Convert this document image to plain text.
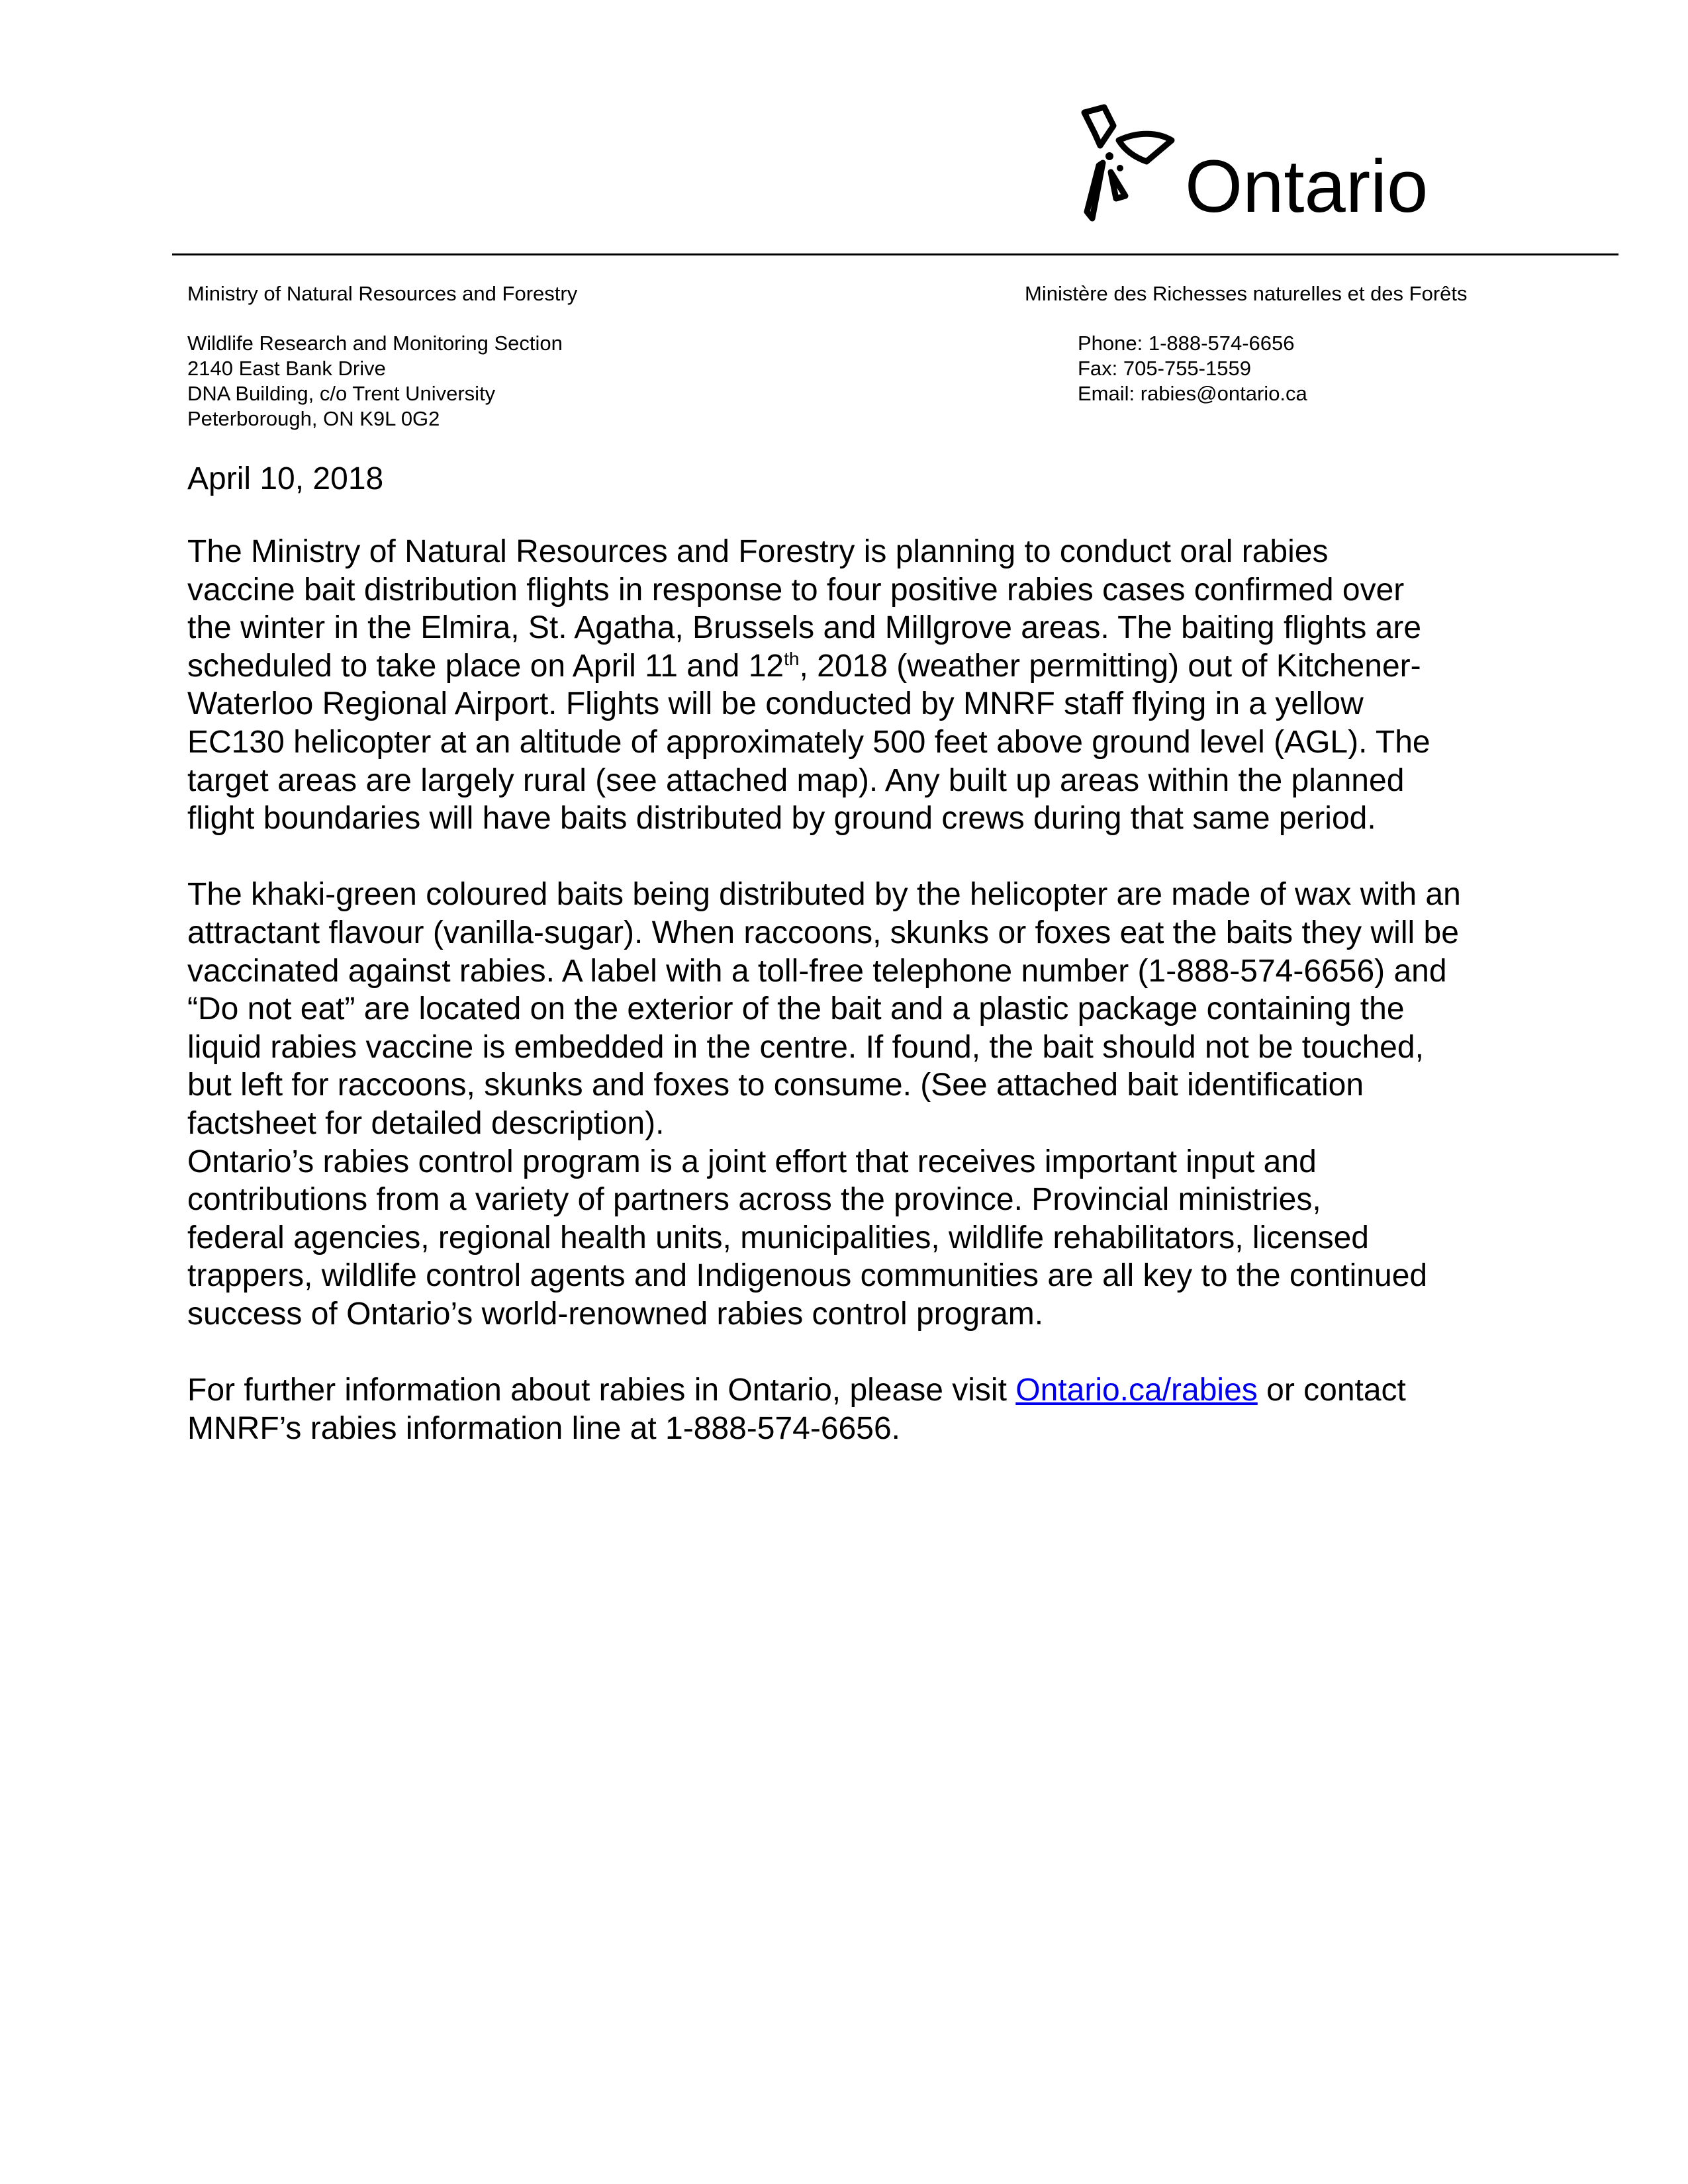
Ontario
Ministry of Natural Resources and Forestry	Ministère des Richesses naturelles et des Forêts
Wildlife Research and Monitoring Section
2140 East Bank Drive
DNA Building, c/o Trent University
Peterborough, ON K9L 0G2
Phone: 1-888-574-6656
Fax: 705-755-1559
Email: rabies@ontario.ca
April 10, 2018
The Ministry of Natural Resources and Forestry is planning to conduct oral rabies
vaccine bait distribution flights in response to four positive rabies cases confirmed over
the winter in the Elmira, St. Agatha, Brussels and Millgrove areas. The baiting flights are
scheduled to take place on April 11 and 12th, 2018 (weather permitting) out of Kitchener-
Waterloo Regional Airport. Flights will be conducted by MNRF staff flying in a yellow
EC130 helicopter at an altitude of approximately 500 feet above ground level (AGL). The
target areas are largely rural (see attached map). Any built up areas within the planned
flight boundaries will have baits distributed by ground crews during that same period.
The khaki-green coloured baits being distributed by the helicopter are made of wax with an
attractant flavour (vanilla-sugar). When raccoons, skunks or foxes eat the baits they will be
vaccinated against rabies. A label with a toll-free telephone number (1-888-574-6656) and
“Do not eat” are located on the exterior of the bait and a plastic package containing the
liquid rabies vaccine is embedded in the centre. If found, the bait should not be touched,
but left for raccoons, skunks and foxes to consume. (See attached bait identification
factsheet for detailed description).
Ontario’s rabies control program is a joint effort that receives important input and
contributions from a variety of partners across the province. Provincial ministries,
federal agencies, regional health units, municipalities, wildlife rehabilitators, licensed
trappers, wildlife control agents and Indigenous communities are all key to the continued
success of Ontario’s world-renowned rabies control program.
For further information about rabies in Ontario, please visit Ontario.ca/rabies or contact
MNRF’s rabies information line at 1-888-574-6656.
